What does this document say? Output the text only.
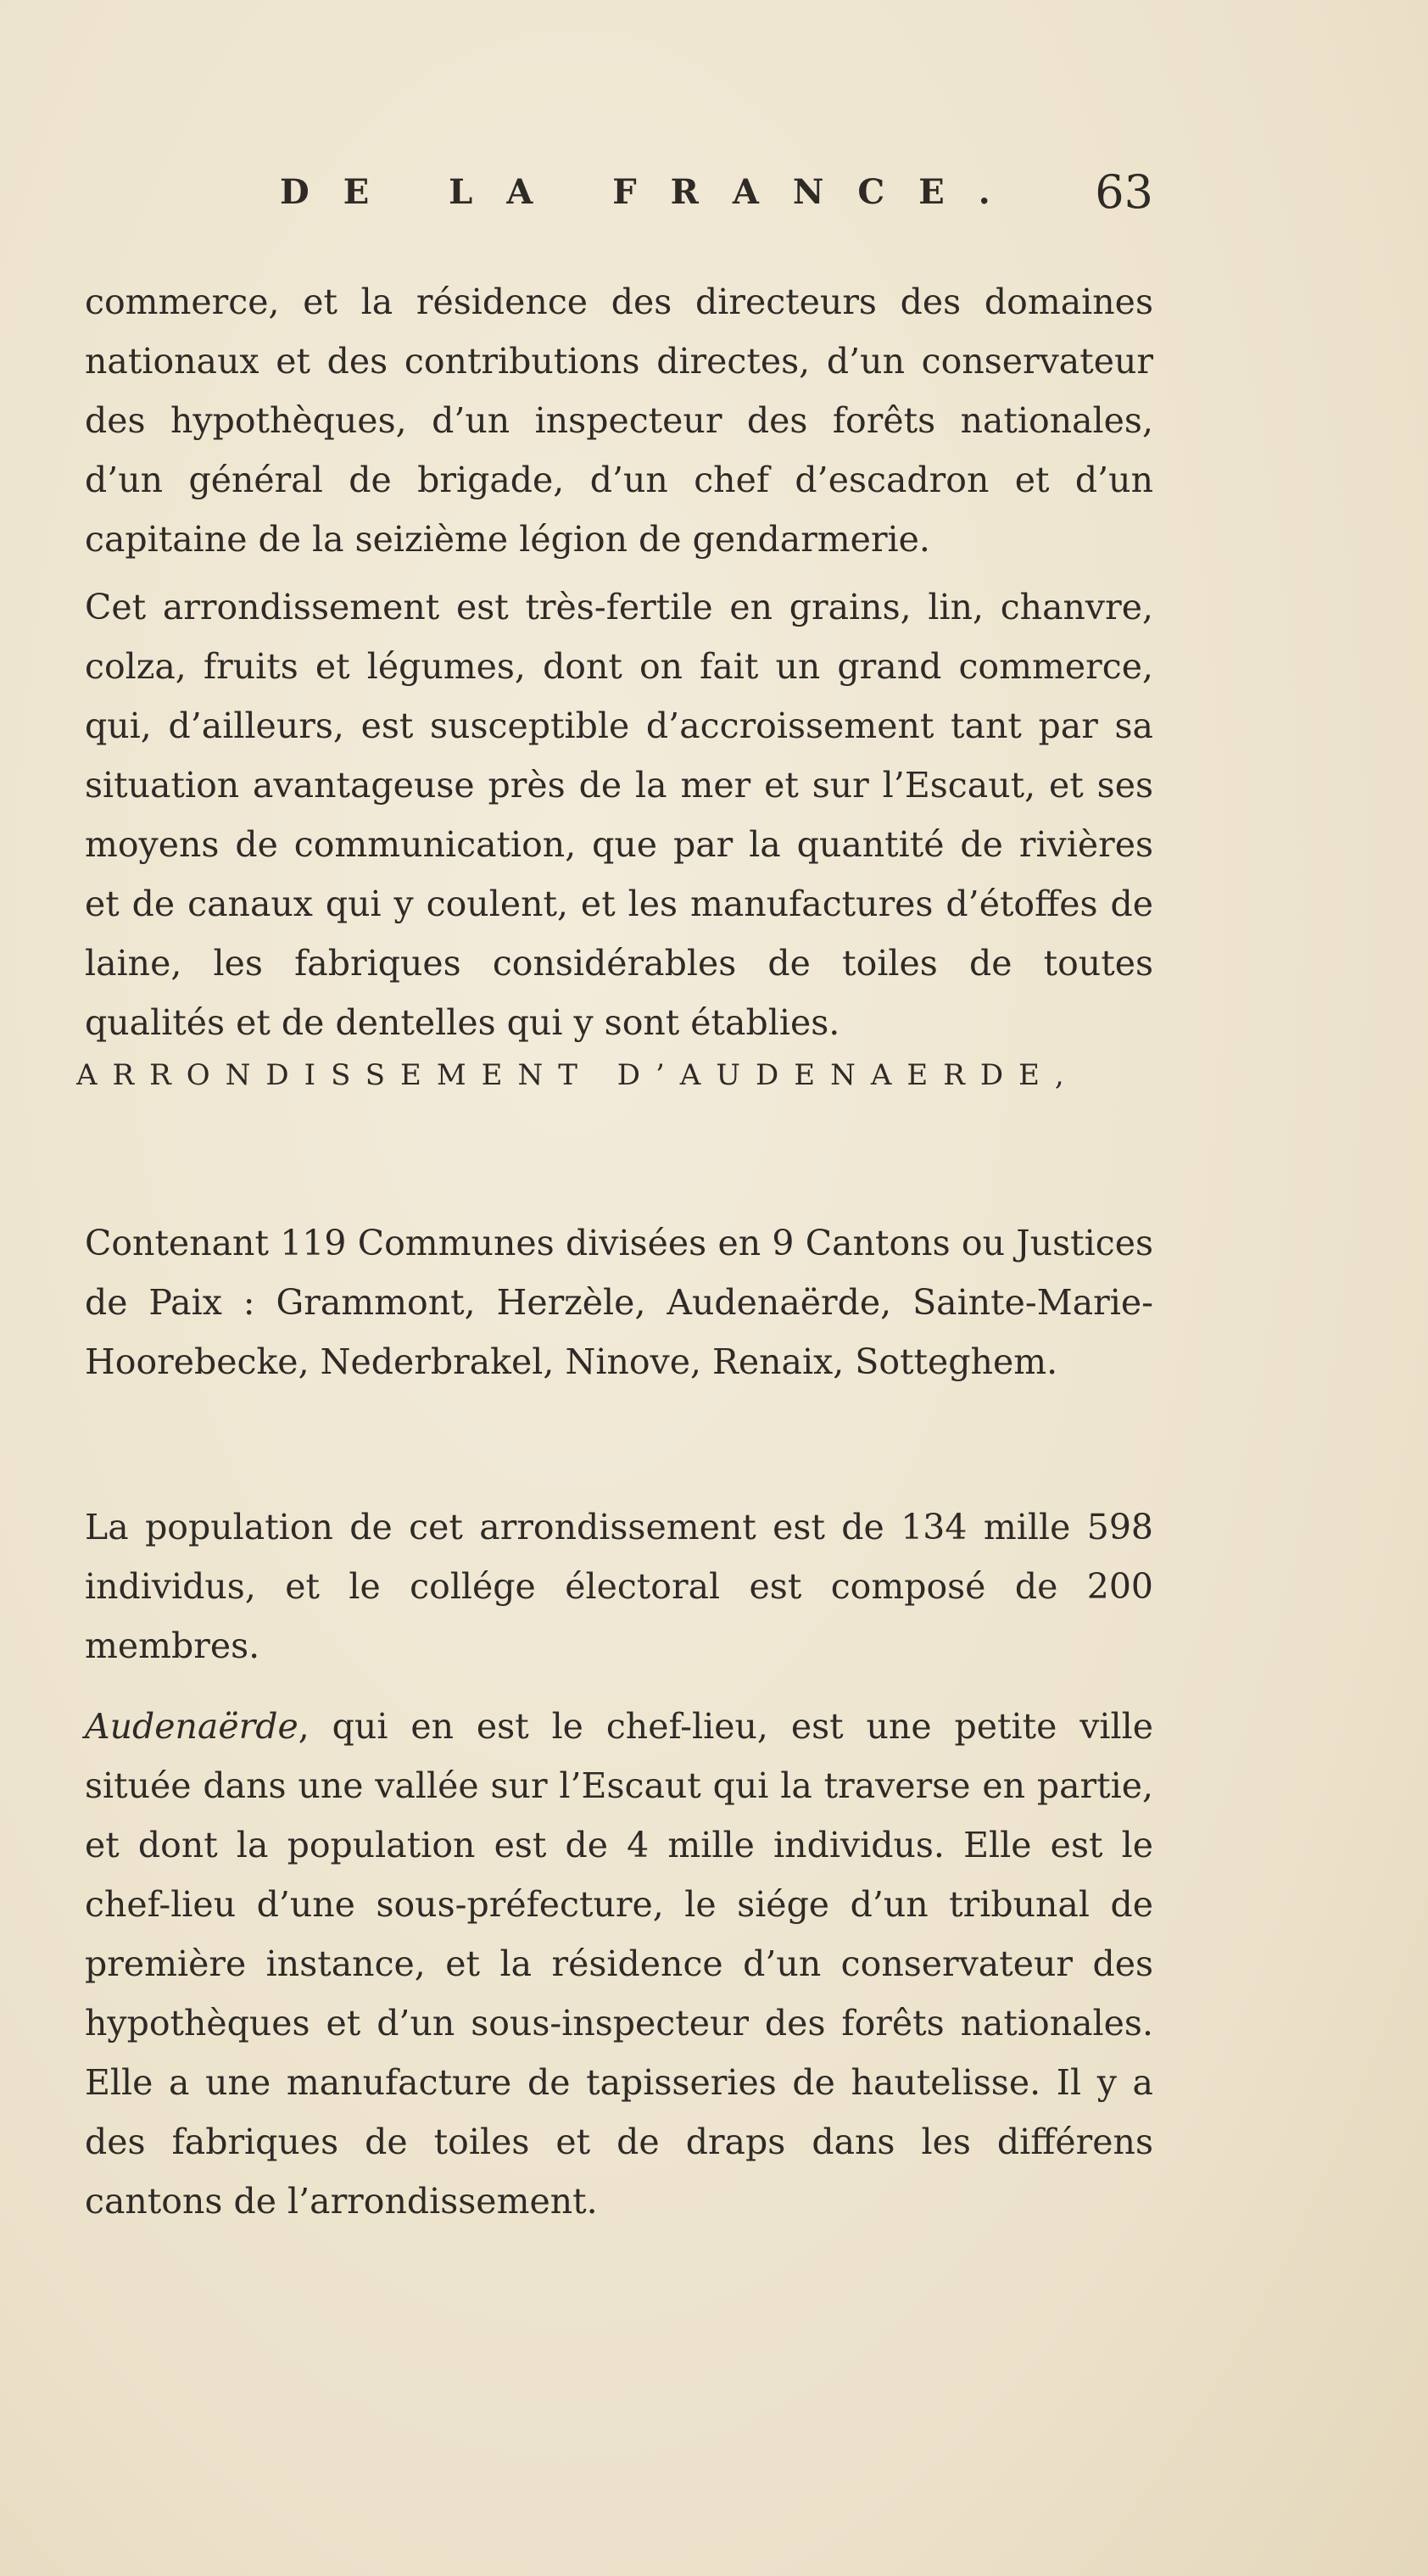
DE LA FRANCE. 63

commerce, et la résidence des directeurs des domaines nationaux et des contributions directes, d’un conservateur des hypothèques, d’un inspecteur des forêts nationales, d’un général de brigade, d’un chef d’escadron et d’un capitaine de la seizième légion de gendarmerie.

Cet arrondissement est très-fertile en grains, lin, chanvre, colza, fruits et légumes, dont on fait un grand commerce, qui, d’ailleurs, est susceptible d’accroissement tant par sa situation avantageuse près de la mer et sur l’Escaut, et ses moyens de communication, que par la quantité de rivières et de canaux qui y coulent, et les manufactures d’étoffes de laine, les fabriques considérables de toiles de toutes qualités et de dentelles qui y sont établies.

ARRONDISSEMENT D’AUDENAERDE,

Contenant 119 Communes divisées en 9 Cantons ou Justices de Paix : Grammont, Herzèle, Audenaërde, Sainte-Marie-Hoorebecke, Nederbrakel, Ninove, Renaix, Sotteghem.

La population de cet arrondissement est de 134 mille 598 individus, et le collége électoral est composé de 200 membres.

Audenaërde, qui en est le chef-lieu, est une petite ville située dans une vallée sur l’Escaut qui la traverse en partie, et dont la population est de 4 mille individus. Elle est le chef-lieu d’une sous-préfecture, le siége d’un tribunal de première instance, et la résidence d’un conservateur des hypothèques et d’un sous-inspecteur des forêts nationales. Elle a une manufacture de tapisseries de hautelisse. Il y a des fabriques de toiles et de draps dans les différens cantons de l’arrondissement.
